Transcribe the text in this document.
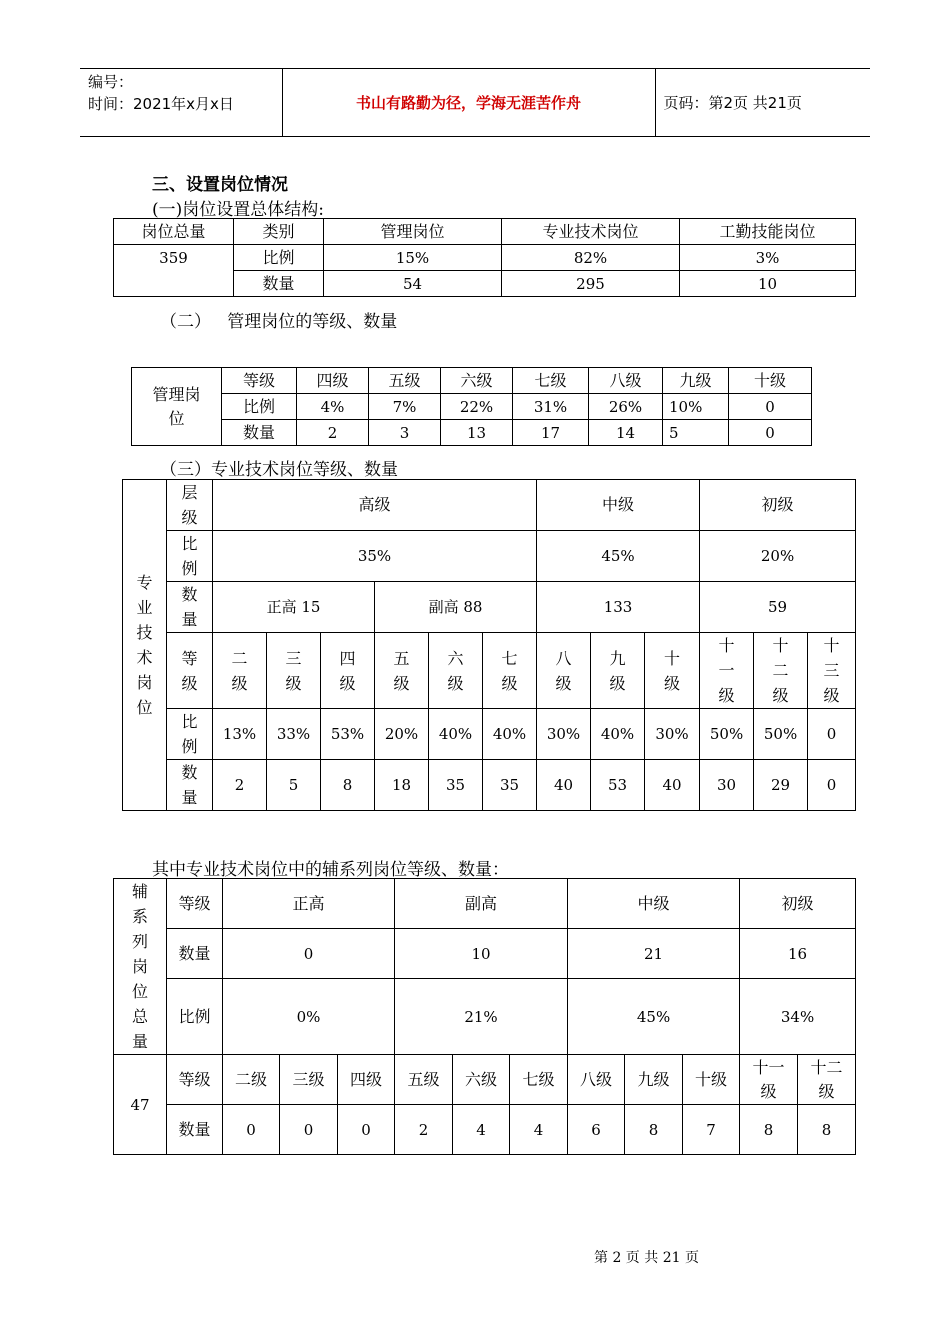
编号：
时间：2021年x月x日	书山有路勤为径，学海无涯苦作舟	页码：第2页 共21页
三、设置岗位情况
(一)岗位设置总体结构:
岗位总量	类别	管理岗位	专业技术岗位	工勤技能岗位
359	比例	15%	82%	3%
	数量	54	295	10
（二）   管理岗位的等级、数量
管理岗位	等级	四级	五级	六级	七级	八级	九级	十级
	比例	4%	7%	22%	31%	26%	10%	0
	数量	2	3	13	17	14	5	0
（三）专业技术岗位等级、数量
专业技术岗位	层级	高级						中级			初级		
	比例	35%						45%			20%		
	数量	正高 15			副高 88			133			59		
	等级	二级	三级	四级	五级	六级	七级	八级	九级	十级	十一级	十二级	十三级
	比例	13%	33%	53%	20%	40%	40%	30%	40%	30%	50%	50%	0
	数量	2	5	8	18	35	35	40	53	40	30	29	0
其中专业技术岗位中的辅系列岗位等级、数量：
辅系列岗位总量	等级	正高			副高			中级			初级	
	数量	0			10			21			16	
	比例	0%			21%			45%			34%	
47	等级	二级	三级	四级	五级	六级	七级	八级	九级	十级	十一级	十二级
	数量	0	0	0	2	4	4	6	8	7	8	8
第 2 页 共 21 页
